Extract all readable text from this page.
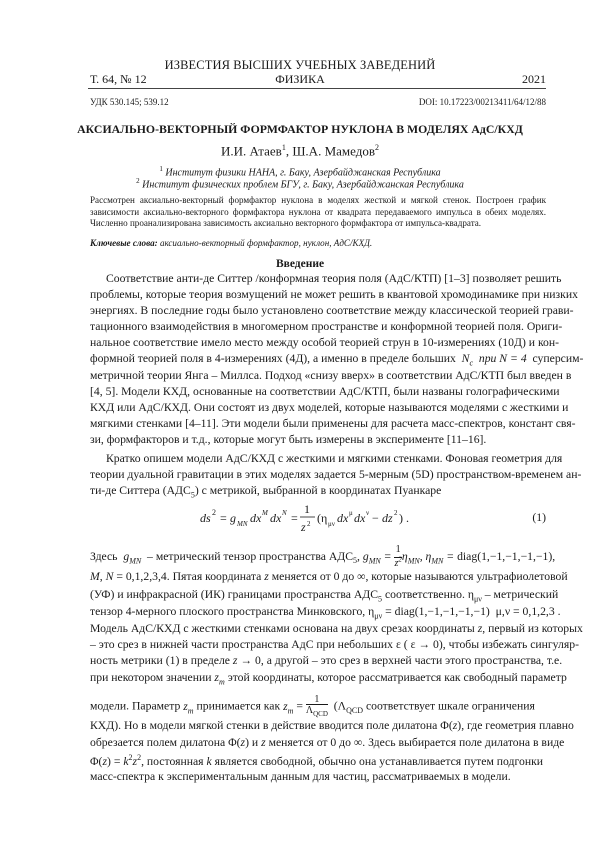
ИЗВЕСТИЯ ВЫСШИХ УЧЕБНЫХ ЗАВЕДЕНИЙ
Т. 64, № 12	ФИЗИКА	2021
УДК 530.145; 539.12	DOI: 10.17223/00213411/64/12/88
АКСИАЛЬНО-ВЕКТОРНЫЙ ФОРМФАКТОР НУКЛОНА В МОДЕЛЯХ АдС/КХД
И.И. Атаев$^1$, Ш.А. Мамедов$^2$
$^1$ Институт физики НАНА, г. Баку, Азербайджанская Республика
$^2$ Институт физических проблем БГУ, г. Баку, Азербайджанская Республика
Рассмотрен аксиально-векторный формфактор нуклона в моделях жесткой и мягкой стенок. Построен график зависимости аксиально-векторного формфактора нуклона от квадрата передаваемого импульса в обеих моделях. Численно проанализирована зависимость аксиально векторного формфактора от импульса-квадрата.
Ключевые слова: аксиально-векторный формфактор, нуклон, АдС/КХД.
Введение
Соответствие анти-де Ситтер /конформная теория поля (АдС/КТП) [1–3] позволяет решить
проблемы, которые теория возмущений не может решить в квантовой хромодинамике при низких
энергиях. В последние годы было установлено соответствие между классической теорией грави-
тационного взаимодействия в многомерном пространстве и конформной теорией поля. Ориги-
нальное соответствие имело место между особой теорией струн в 10-измерениях (10Д) и кон-
формной теорией поля в 4-измерениях (4Д), а именно в пределе больших  $N_c$  при N = 4  суперсим-
метричной теории Янга – Миллса. Подход «снизу вверх» в соответствии АдС/КТП был введен в
[4, 5]. Модели КХД, основанные на соответствии АдС/КТП, были названы голографическими
КХД или АдС/КХД. Они состоят из двух моделей, которые называются моделями с жесткими и
мягкими стенками [4–11]. Эти модели были применены для расчета масс-спектров, констант свя-
зи, формфакторов и т.д., которые могут быть измерены в эксперименте [11–16].
Кратко опишем модели АдС/КХД с жесткими и мягкими стенками. Фоновая геометрия для
теории дуальной гравитации в этих моделях задается 5-мерным (5D) пространством-временем ан-
ти-де Ситтера $(АДС_5)$ с метрикой, выбранной в координатах Пуанкаре
ds 2 = g MN dx M dx N =
1
z 2 (η μν dx μ dx ν − dz 2 ) .	(1)
Здесь  $g_{MN}$ – метрический тензор пространства $АДС_5$, $g_{MN} = 1$
$z^2\eta_{MN}$, $\eta_{MN}$ = diag(1,−1,−1,−1,−1),
M, N = 0,1,2,3,4. Пятая координата z меняется от 0 до ∞, которые называются ультрафиолетовой
(УФ) и инфракрасной (ИК) границами пространства $АДС_5$ соответственно. $\eta_{\mu\nu}$ – метрический
тензор 4-мерного плоского пространства Минковского, $\eta_{\mu\nu}$ = diag(1,−1,−1,−1,−1)  μ,ν = 0,1,2,3 .
Модель АдС/КХД с жесткими стенками основана на двух срезах координаты z, первый из которых
– это срез в нижней части пространства АдС при небольших ε ( ε → 0), чтобы избежать сингуляр-
ность метрики (1) в пределе z → 0, а другой – это срез в верхней части этого пространства, т.е.
при некотором значении $z_m$ этой координаты, которое рассматривается как свободный параметр
модели. Параметр $z_m$ принимается как $z_m = 1$
$\Lambda_{QCD}$  ($\Lambda_{QCD}$ соответствует шкале ограничения
КХД). Но в модели мягкой стенки в действие вводится поле дилатона Φ(z), где геометрия плавно
обрезается полем дилатона Φ(z) и z меняется от 0 до ∞. Здесь выбирается поле дилатона в виде
$\Phi(z) = k^2z^2$, постоянная k является свободной, обычно она устанавливается путем подгонки
масс-спектра к экспериментальным данным для частиц, рассматриваемых в модели.
